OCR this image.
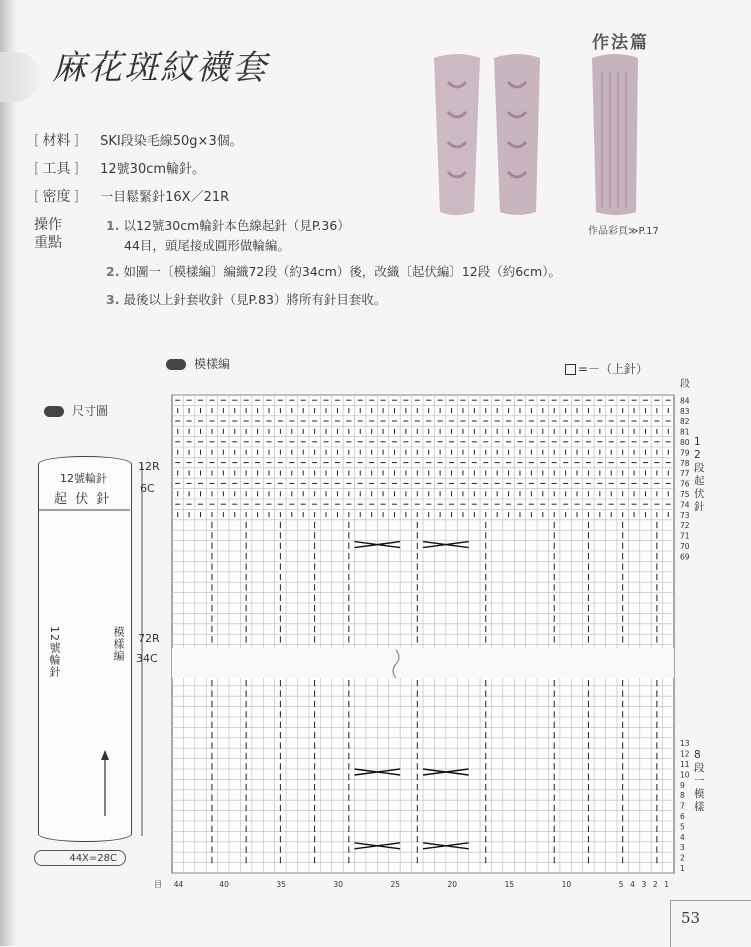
麻花斑紋襪套
作法篇
作品彩頁≫P.17
[ 材料 ] SKI段染毛線50g×3個。
[ 工具 ] 12號30cm輪針。
[ 密度 ] 一目鬆緊針16X／21R
操作
重點
1. 以12號30cm輪針本色線起針（見P.36）
44目，頭尾接成圓形做輪編。
2. 如圖一〔模樣編〕編織72段（約34cm）後，改織〔起伏編〕12段（約6cm）。
3. 最後以上針套收針（見P.83）將所有針目套收。
模樣編	=－（上針）
尺寸圖
12號輪針
起 伏 針
12號輪針	模樣編
12R
6C
72R
34C
44X=28C
84
83
82
81
80
79
78
77
76
75
74
73
72
71
70
69
13
12
11
10
9
8
7
6
5
4
3
2
1
段
1
2
段
起
伏
針
8
段
一
模
樣
44	40	35	30	25	20	15	10	5 4 3 2 1
目
53
